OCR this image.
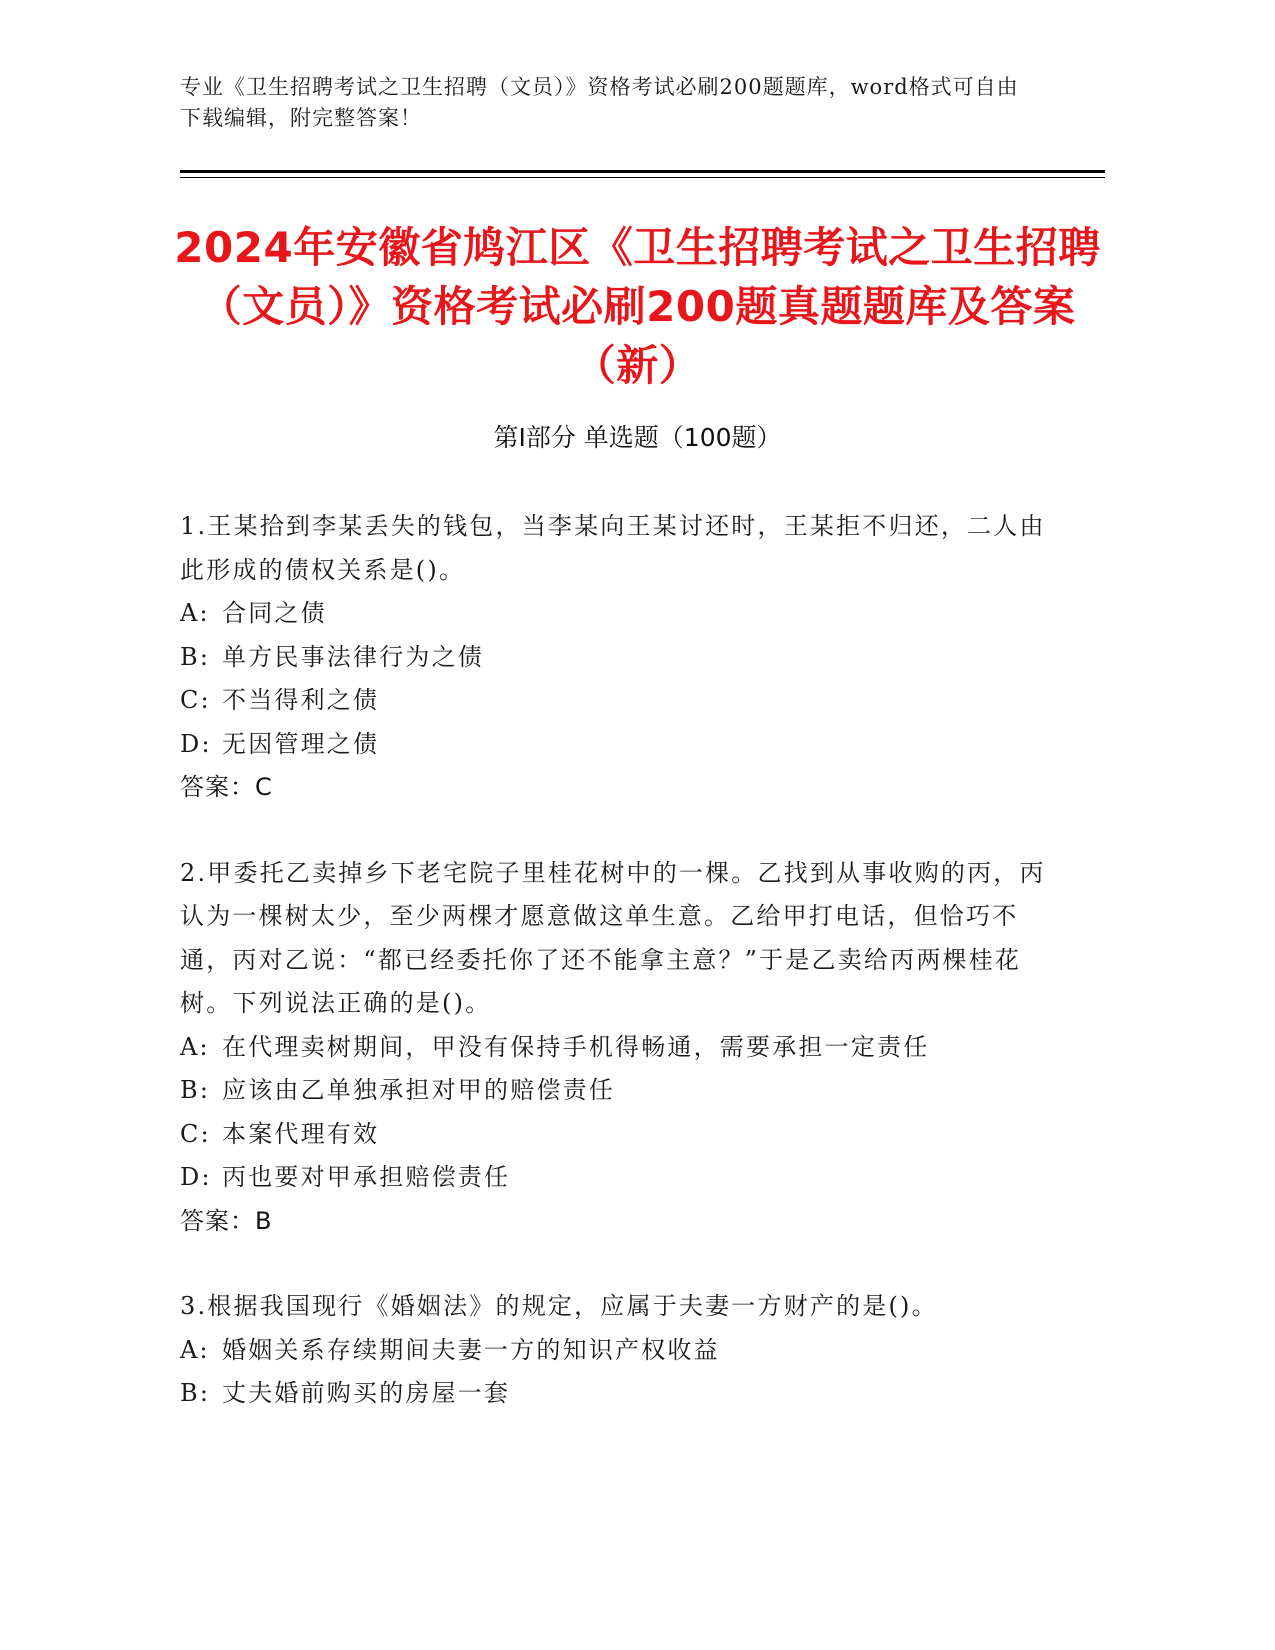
专业《卫生招聘考试之卫生招聘（文员）》资格考试必刷200题题库，word格式可自由下载编辑，附完整答案！
2024年安徽省鸠江区《卫生招聘考试之卫生招聘（文员）》资格考试必刷200题真题题库及答案（新）
第Ⅰ部分 单选题（100题）
1.王某拾到李某丢失的钱包，当李某向王某讨还时，王某拒不归还，二人由此形成的债权关系是()。
A: 合同之债
B: 单方民事法律行为之债
C: 不当得利之债
D: 无因管理之债
答案：C
2.甲委托乙卖掉乡下老宅院子里桂花树中的一棵。乙找到从事收购的丙，丙认为一棵树太少，至少两棵才愿意做这单生意。乙给甲打电话，但恰巧不通，丙对乙说：“都已经委托你了还不能拿主意？”于是乙卖给丙两棵桂花树。下列说法正确的是()。
A: 在代理卖树期间，甲没有保持手机得畅通，需要承担一定责任
B: 应该由乙单独承担对甲的赔偿责任
C: 本案代理有效
D: 丙也要对甲承担赔偿责任
答案：B
3.根据我国现行《婚姻法》的规定，应属于夫妻一方财产的是()。
A: 婚姻关系存续期间夫妻一方的知识产权收益
B: 丈夫婚前购买的房屋一套
